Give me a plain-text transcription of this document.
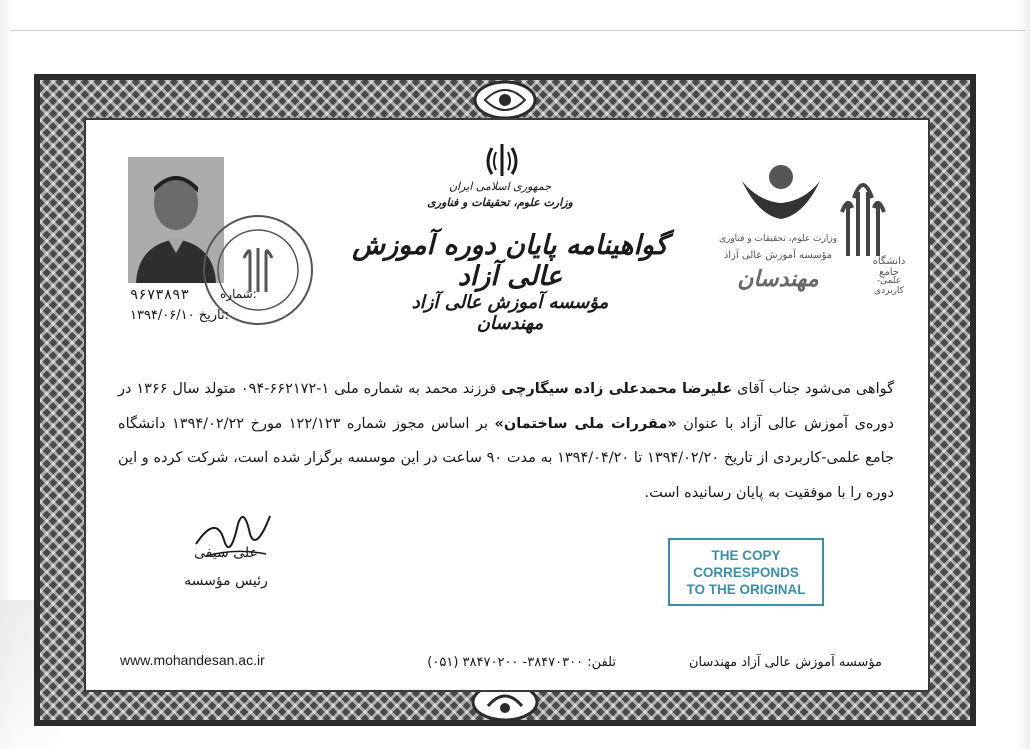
۹۶۷۳۸۹۳	شماره:
۱۳۹۴/۰۶/۱۰ تاریخ:
جمهوری اسلامی ایران
وزارت علوم، تحقیقات و فناوری
گواهینامه پایان دوره آموزش عالی آزاد
مؤسسه آموزش عالی آزاد مهندسان
وزارت علوم، تحقیقات و فناوری
مؤسسه آموزش عالی آزاد
مهندسان
دانشگاه جامع
علمی-کاربردی
گواهی می‌شود جناب آقای علیرضا محمدعلی زاده سیگارچی فرزند محمد به شماره ملی ۱-۶۶۲۱۷۲-۰۹۴ متولد سال ۱۳۶۶ در دوره‌ی آموزش عالی آزاد با عنوان «مقررات ملی ساختمان» بر اساس مجوز شماره ۱۲۲/۱۲۳ مورخ ۱۳۹۴/۰۲/۲۲ دانشگاه جامع علمی-کاربردی از تاریخ ۱۳۹۴/۰۲/۲۰ تا ۱۳۹۴/۰۴/۲۰ به مدت ۹۰ ساعت در این موسسه برگزار شده است، شرکت کرده و این دوره را با موفقیت به پایان رسانیده است.
علی سیفی
رئیس مؤسسه
THE COPY
CORRESPONDS
TO THE ORIGINAL
www.mohandesan.ac.ir	تلفن: ۳۸۴۷۰۳۰۰- ۳۸۴۷۰۲۰۰ (۰۵۱)	مؤسسه آموزش عالی آزاد مهندسان
